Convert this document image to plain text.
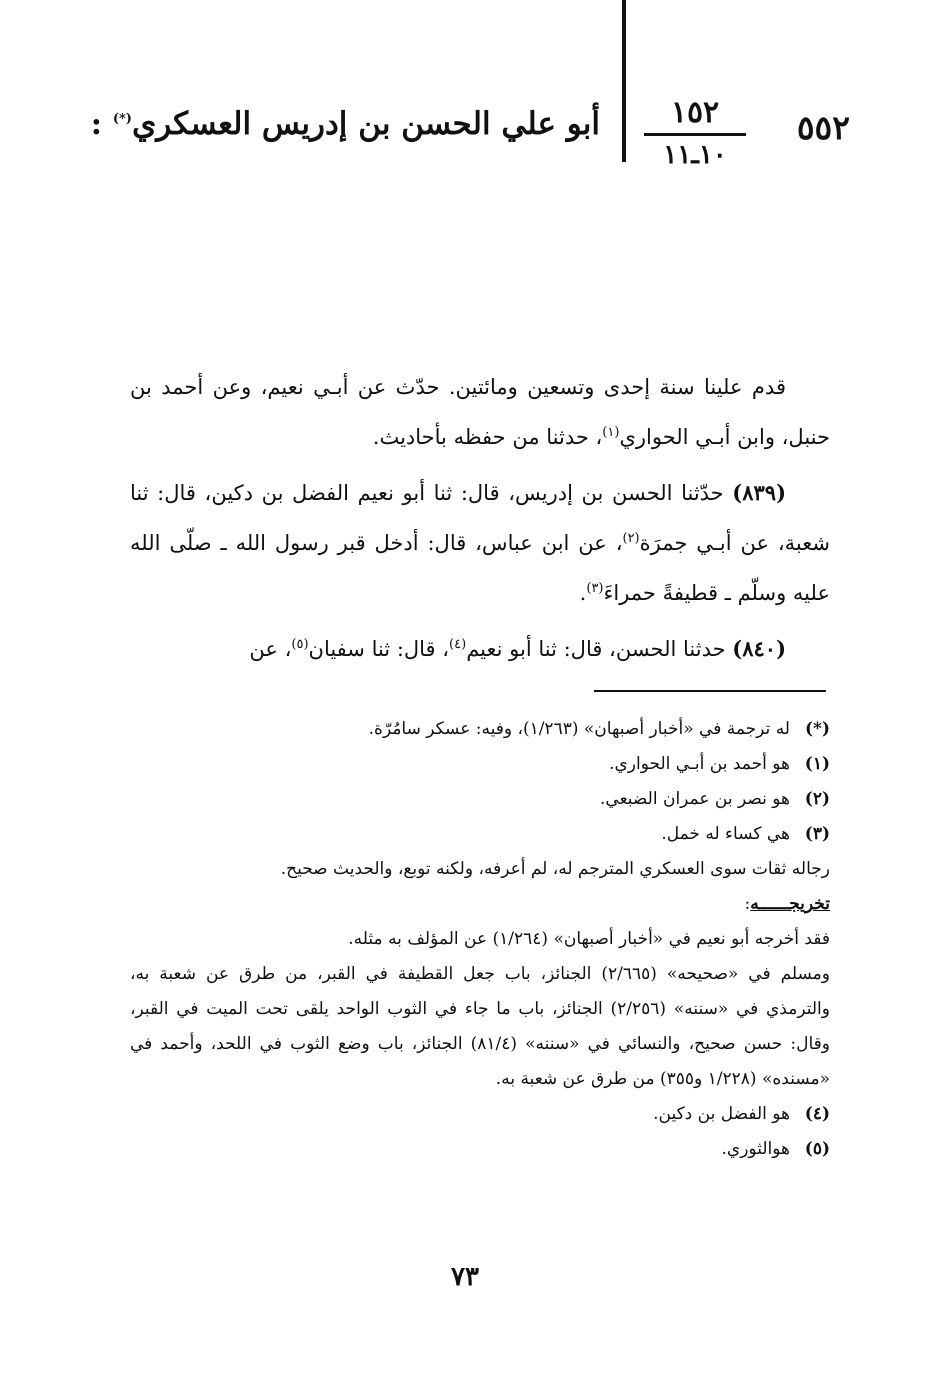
٥٥٢
١٥٢
١٠ـ١١
أبو علي الحسن بن إدريس العسكري(*) :

قدم علينا سنة إحدى وتسعين ومائتين. حدّث عن أبـي نعيم، وعن أحمد بن حنبل، وابن أبـي الحواري$^{(١)}$، حدثنا من حفظه بأحاديث.

(٨٣٩) حدّثنا الحسن بن إدريس، قال: ثنا أبو نعيم الفضل بن دكين، قال: ثنا شعبة، عن أبـي جمرَة$^{(٢)}$، عن ابن عباس، قال: أدخل قبر رسول الله ـ صلّى الله عليه وسلّم ـ قطيفةً حمراءَ$^{(٣)}$.

(٨٤٠) حدثنا الحسن، قال: ثنا أبو نعيم$^{(٤)}$، قال: ثنا سفيان$^{(٥)}$، عن

(*)
له ترجمة في «أخبار أصبهان» (١/٢٦٣)، وفيه: عسكر سامُرّة.
(١)
هو أحمد بن أبـي الحواري.
(٢)
هو نصر بن عمران الضبعي.
(٣)
هي كساء له خمل.
رجاله ثقات سوى العسكري المترجم له، لم أعرفه، ولكنه توبع، والحديث صحيح.
تخريجــــــه:
فقد أخرجه أبو نعيم في «أخبار أصبهان» (١/٢٦٤) عن المؤلف به مثله.
ومسلم في «صحيحه» (٢/٦٦٥) الجنائز، باب جعل القطيفة في القبر، من طرق عن شعبة به، والترمذي في «سننه» (٢/٢٥٦) الجنائز، باب ما جاء في الثوب الواحد يلقى تحت الميت في القبر، وقال: حسن صحيح، والنسائي في «سننه» (٨١/٤) الجنائز، باب وضع الثوب في اللحد، وأحمد في «مسنده» (١/٢٢٨ و٣٥٥) من طرق عن شعبة به.
(٤)
هو الفضل بن دكين.
(٥)
هوالثوري.
٧٣
